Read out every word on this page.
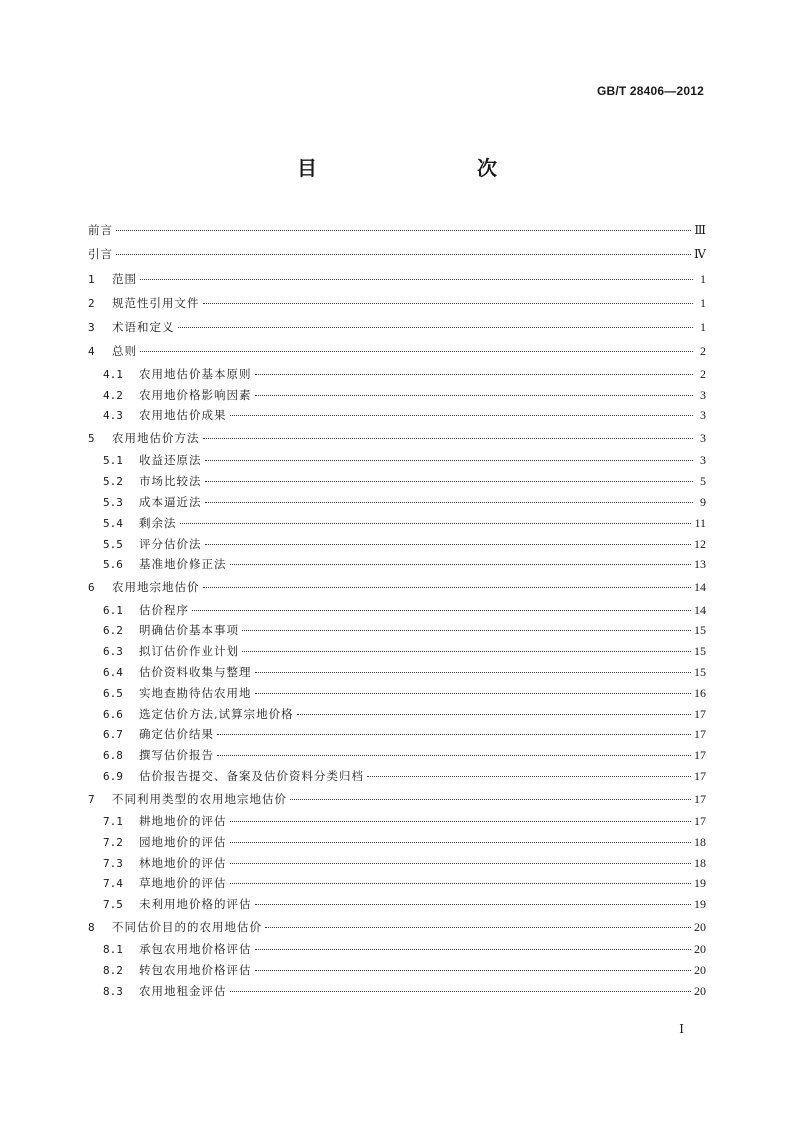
GB/T 28406—2012
目　　次
前言	Ⅲ
引言	Ⅳ
1	范围	1
2	规范性引用文件	1
3	术语和定义	1
4	总则	2
4.1	农用地估价基本原则	2
4.2	农用地价格影响因素	3
4.3	农用地估价成果	3
5	农用地估价方法	3
5.1	收益还原法	3
5.2	市场比较法	5
5.3	成本逼近法	9
5.4	剩余法	11
5.5	评分估价法	12
5.6	基准地价修正法	13
6	农用地宗地估价	14
6.1	估价程序	14
6.2	明确估价基本事项	15
6.3	拟订估价作业计划	15
6.4	估价资料收集与整理	15
6.5	实地查勘待估农用地	16
6.6	选定估价方法,试算宗地价格	17
6.7	确定估价结果	17
6.8	撰写估价报告	17
6.9	估价报告提交、备案及估价资料分类归档	17
7	不同利用类型的农用地宗地估价	17
7.1	耕地地价的评估	17
7.2	园地地价的评估	18
7.3	林地地价的评估	18
7.4	草地地价的评估	19
7.5	未利用地价格的评估	19
8	不同估价目的的农用地估价	20
8.1	承包农用地价格评估	20
8.2	转包农用地价格评估	20
8.3	农用地租金评估	20
Ⅰ
